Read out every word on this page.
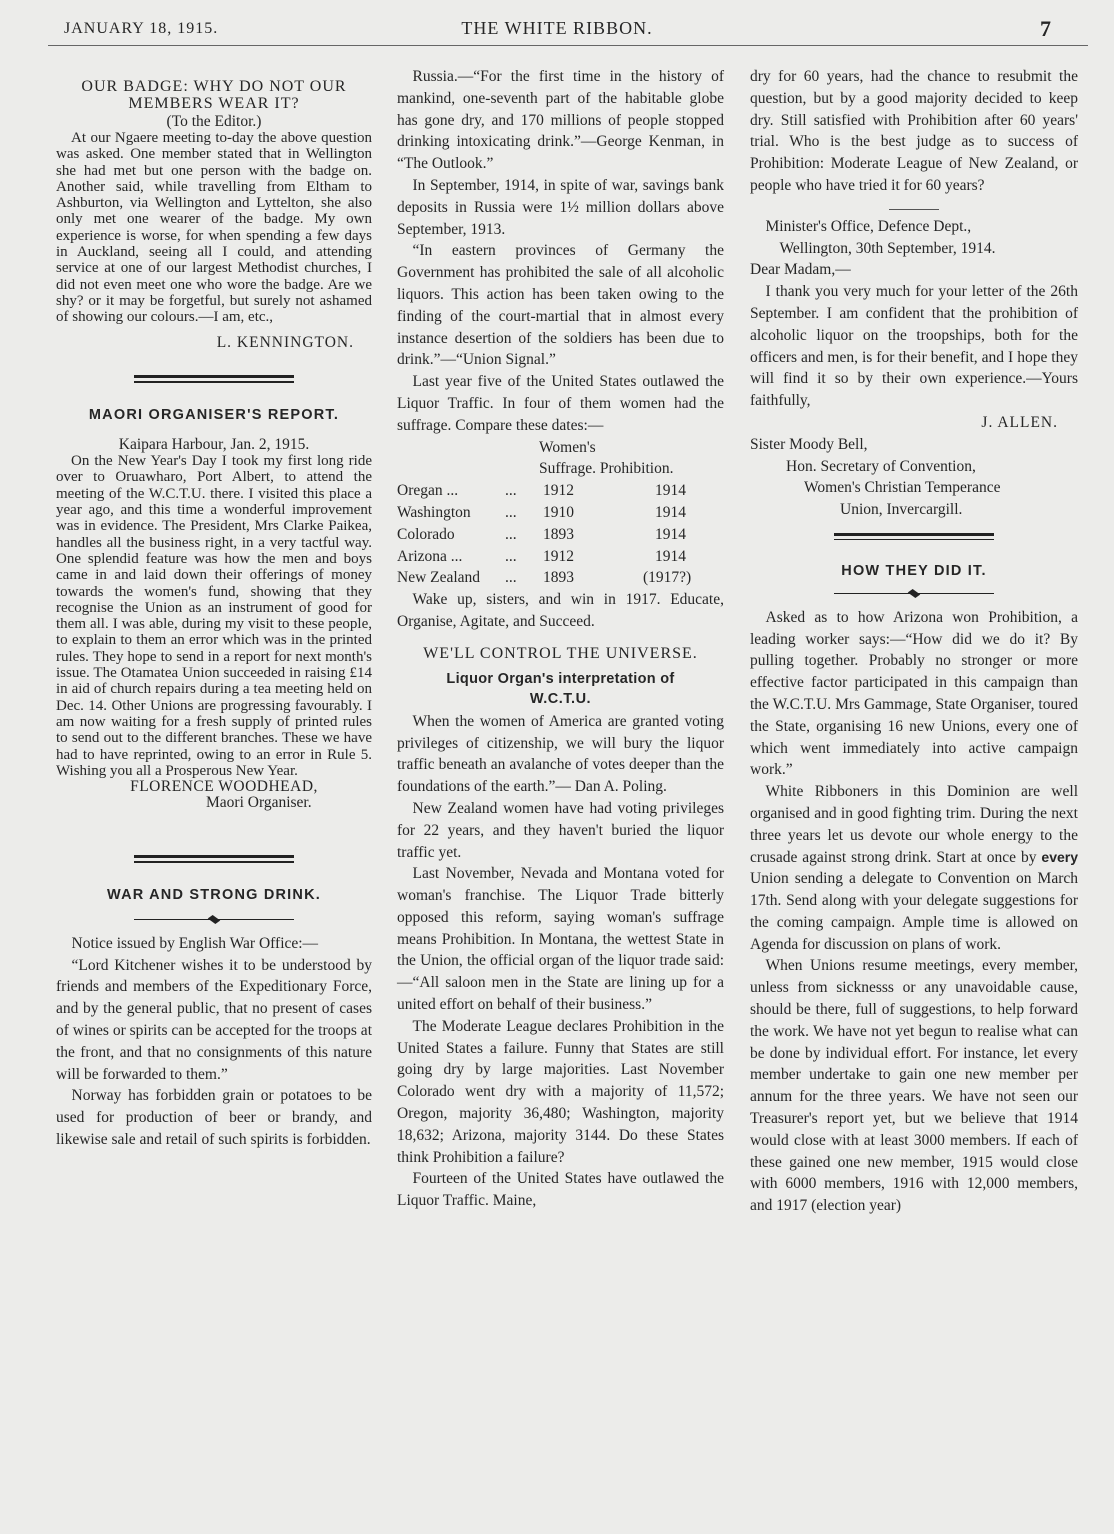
JANUARY 18, 1915.	THE WHITE RIBBON.	7
OUR BADGE: WHY DO NOT OUR MEMBERS WEAR IT?

(To the Editor.)

At our Ngaere meeting to-day the above question was asked. One member stated that in Wellington she had met but one person with the badge on. Another said, while travelling from Eltham to Ashburton, via Wellington and Lyttelton, she also only met one wearer of the badge. My own experience is worse, for when spending a few days in Auckland, seeing all I could, and attending service at one of our largest Methodist churches, I did not even meet one who wore the badge. Are we shy? or it may be forgetful, but surely not ashamed of showing our colours.—I am, etc.,

L. KENNINGTON.

MAORI ORGANISER'S REPORT.

Kaipara Harbour, Jan. 2, 1915.

On the New Year's Day I took my first long ride over to Oruawharo, Port Albert, to attend the meeting of the W.C.T.U. there. I visited this place a year ago, and this time a wonderful improvement was in evidence. The President, Mrs Clarke Paikea, handles all the business right, in a very tactful way. One splendid feature was how the men and boys came in and laid down their offerings of money towards the women's fund, showing that they recognise the Union as an instrument of good for them all. I was able, during my visit to these people, to explain to them an error which was in the printed rules. They hope to send in a report for next month's issue. The Otamatea Union succeeded in raising £14 in aid of church repairs during a tea meeting held on Dec. 14. Other Unions are progressing favourably. I am now waiting for a fresh supply of printed rules to send out to the different branches. These we have had to have reprinted, owing to an error in Rule 5. Wishing you all a Prosperous New Year.

FLORENCE WOODHEAD,

Maori Organiser.

WAR AND STRONG DRINK.

Notice issued by English War Office:—

“Lord Kitchener wishes it to be understood by friends and members of the Expeditionary Force, and by the general public, that no present of cases of wines or spirits can be accepted for the troops at the front, and that no consignments of this nature will be forwarded to them.”

Norway has forbidden grain or potatoes to be used for production of beer or brandy, and likewise sale and retail of such spirits is forbidden.

Russia.—“For the first time in the history of mankind, one-seventh part of the habitable globe has gone dry, and 170 millions of people stopped drinking intoxicating drink.”—George Kenman, in “The Outlook.”

In September, 1914, in spite of war, savings bank deposits in Russia were 1½ million dollars above September, 1913.

“In eastern provinces of Germany the Government has prohibited the sale of all alcoholic liquors. This action has been taken owing to the finding of the court-martial that in almost every instance desertion of the soldiers has been due to drink.”—“Union Signal.”

Last year five of the United States outlawed the Liquor Traffic. In four of them women had the suffrage. Compare these dates:—

		Women's	
		Suffrage. Prohibition.	
Oregan ...	...	1912	1914
Washington	...	1910	1914
Colorado	...	1893	1914
Arizona ...	...	1912	1914
New Zealand	...	1893	(1917?)

Wake up, sisters, and win in 1917. Educate, Organise, Agitate, and Succeed.

WE'LL CONTROL THE UNIVERSE.
Liquor Organ's interpretation of
W.C.T.U.

When the women of America are granted voting privileges of citizenship, we will bury the liquor traffic beneath an avalanche of votes deeper than the foundations of the earth.”— Dan A. Poling.

New Zealand women have had voting privileges for 22 years, and they haven't buried the liquor traffic yet.

Last November, Nevada and Montana voted for woman's franchise. The Liquor Trade bitterly opposed this reform, saying woman's suffrage means Prohibition. In Montana, the wettest State in the Union, the official organ of the liquor trade said:—“All saloon men in the State are lining up for a united effort on behalf of their business.”

The Moderate League declares Prohibition in the United States a failure. Funny that States are still going dry by large majorities. Last November Colorado went dry with a majority of 11,572; Oregon, majority 36,480; Washington, majority 18,632; Arizona, majority 3144. Do these States think Prohibition a failure?

Fourteen of the United States have outlawed the Liquor Traffic. Maine,

dry for 60 years, had the chance to resubmit the question, but by a good majority decided to keep dry. Still satisfied with Prohibition after 60 years' trial. Who is the best judge as to success of Prohibition: Moderate League of New Zealand, or people who have tried it for 60 years?

Minister's Office, Defence Dept.,

Wellington, 30th September, 1914.

Dear Madam,—

I thank you very much for your letter of the 26th September. I am confident that the prohibition of alcoholic liquor on the troopships, both for the officers and men, is for their benefit, and I hope they will find it so by their own experience.—Yours faithfully,

J. ALLEN.

Sister Moody Bell,

Hon. Secretary of Convention,

Women's Christian Temperance

Union, Invercargill.

HOW THEY DID IT.

Asked as to how Arizona won Prohibition, a leading worker says:—“How did we do it? By pulling together. Probably no stronger or more effective factor participated in this campaign than the W.C.T.U. Mrs Gammage, State Organiser, toured the State, organising 16 new Unions, every one of which went immediately into active campaign work.”

White Ribboners in this Dominion are well organised and in good fighting trim. During the next three years let us devote our whole energy to the crusade against strong drink. Start at once by every Union sending a delegate to Convention on March 17th. Send along with your delegate suggestions for the coming campaign. Ample time is allowed on Agenda for discussion on plans of work.

When Unions resume meetings, every member, unless from sicknesss or any unavoidable cause, should be there, full of suggestions, to help forward the work. We have not yet begun to realise what can be done by individual effort. For instance, let every member undertake to gain one new member per annum for the three years. We have not seen our Treasurer's report yet, but we believe that 1914 would close with at least 3000 members. If each of these gained one new member, 1915 would close with 6000 members, 1916 with 12,000 members, and 1917 (election year)
